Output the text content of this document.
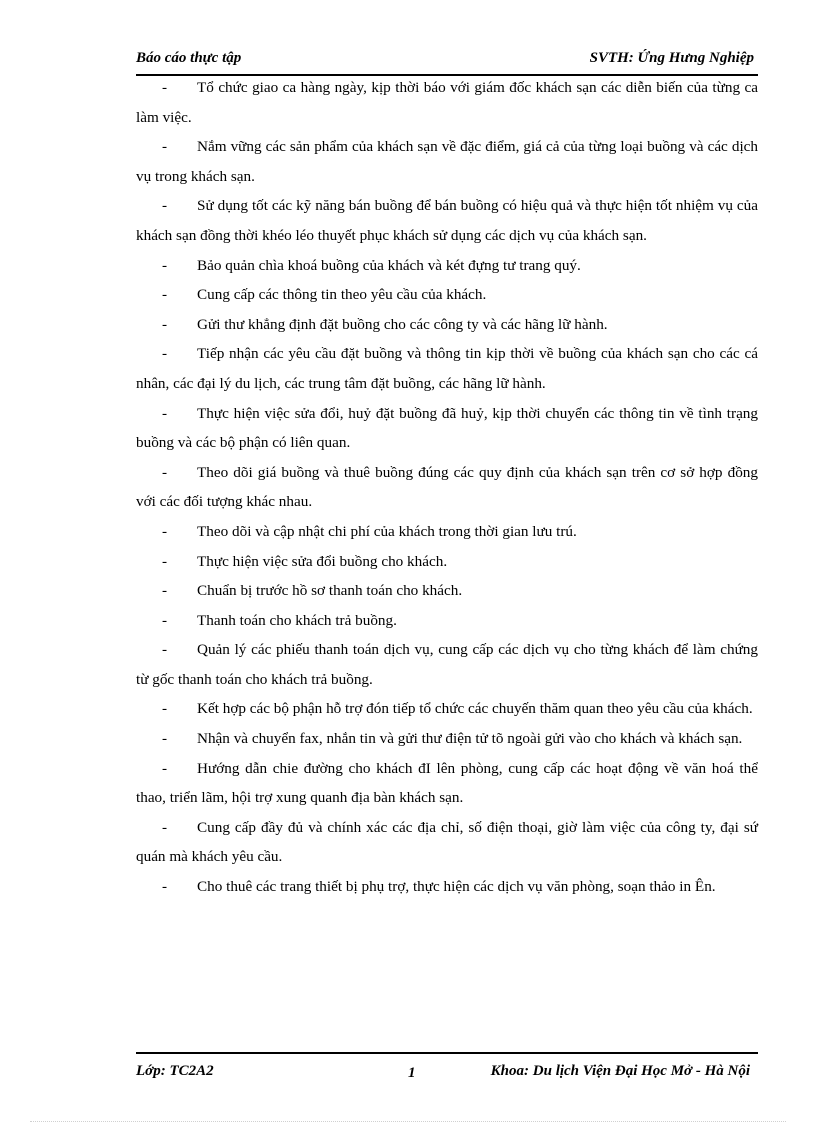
Báo cáo thực tập	SVTH: Ứng Hưng Nghiệp

- Tổ chức giao ca hàng ngày, kịp thời báo với giám đốc khách sạn các diễn biến của từng ca làm việc.

- Nắm vững các sản phẩm của khách sạn về đặc điểm, giá cả của từng loại buồng và các dịch vụ trong khách sạn.

- Sử dụng tốt các kỹ năng bán buồng để bán buồng có hiệu quả và thực hiện tốt nhiệm vụ của khách sạn đồng thời khéo léo thuyết phục khách sử dụng các dịch vụ của khách sạn.

- Bảo quản chìa khoá buồng của khách và két đựng tư trang quý.

- Cung cấp các thông tin theo yêu cầu của khách.

- Gửi thư khẳng định đặt buồng cho các công ty và các hãng lữ hành.

- Tiếp nhận các yêu cầu đặt buồng và thông tin kịp thời về buồng của khách sạn cho các cá nhân, các đại lý du lịch, các trung tâm đặt buồng, các hãng lữ hành.

- Thực hiện việc sửa đổi, huỷ đặt buồng đã huỷ, kịp thời chuyển các thông tin về tình trạng buồng và các bộ phận có liên quan.

- Theo dõi giá buồng và thuê buồng đúng các quy định của khách sạn trên cơ sở hợp đồng với các đối tượng khác nhau.

- Theo dõi và cập nhật chi phí của khách trong thời gian lưu trú.

- Thực hiện việc sửa đổi buồng cho khách.

- Chuẩn bị trước hồ sơ thanh toán cho khách.

- Thanh toán cho khách trả buồng.

- Quản lý các phiếu thanh toán dịch vụ, cung cấp các dịch vụ cho từng khách để làm chứng từ gốc thanh toán cho khách trả buồng.

- Kết hợp các bộ phận hỗ trợ đón tiếp tổ chức các chuyến thăm quan theo yêu cầu của khách.

- Nhận và chuyển fax, nhắn tin và gửi thư điện tử tõ ngoài gửi vào cho khách và khách sạn.

- Hướng dẫn chie đường cho khách đI lên phòng, cung cấp các hoạt động về văn hoá thể thao, triển lãm, hội trợ xung quanh địa bàn khách sạn.

- Cung cấp đầy đủ và chính xác các địa chỉ, số điện thoại, giờ làm việc của công ty, đại sứ quán mà khách yêu cầu.

- Cho thuê các trang thiết bị phụ trợ, thực hiện các dịch vụ văn phòng, soạn thảo in Ên.

Lớp: TC2A2	1	Khoa: Du lịch Viện Đại Học Mở - Hà Nội
